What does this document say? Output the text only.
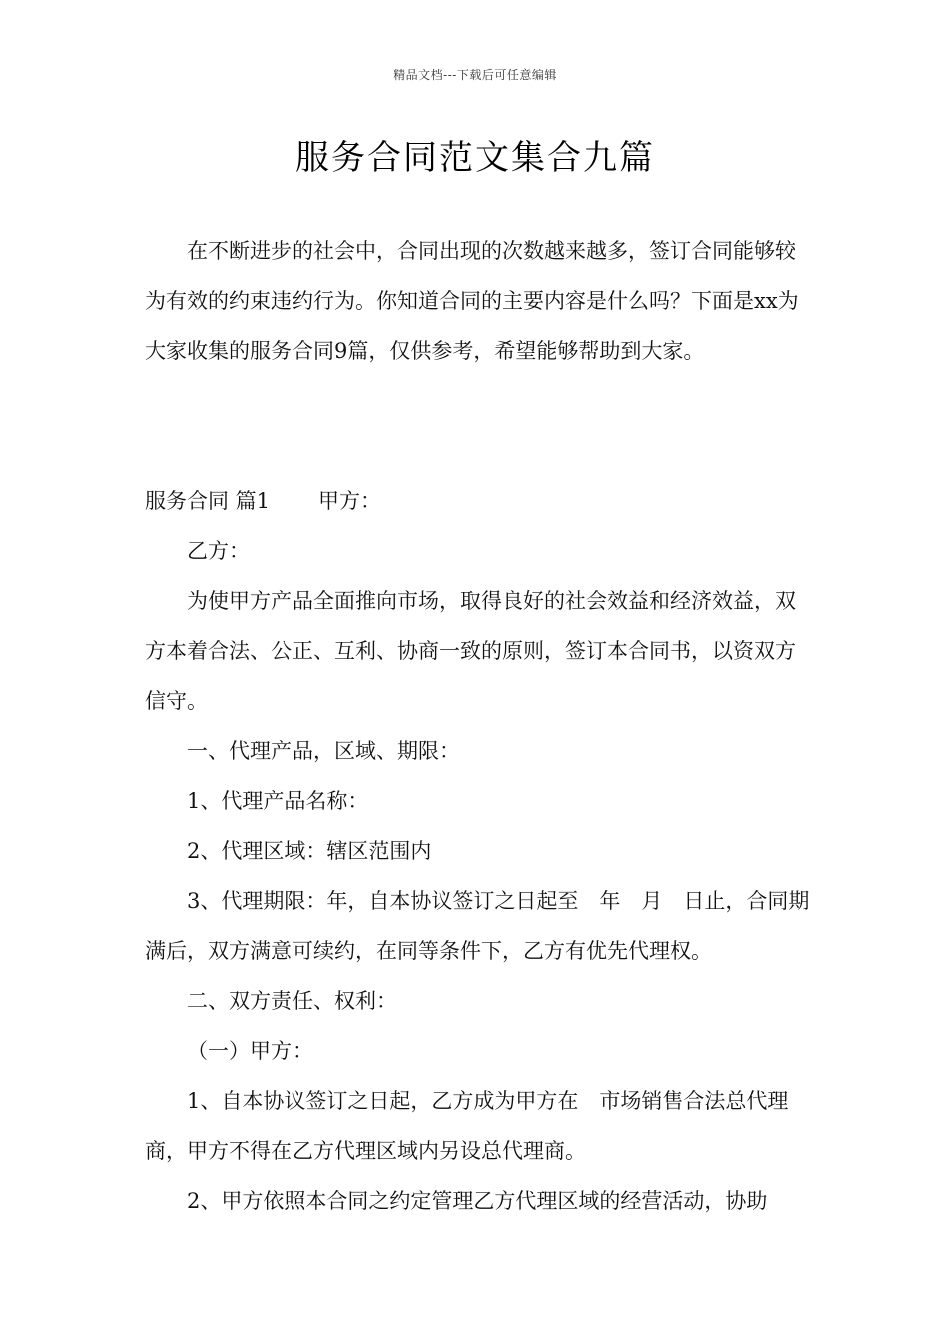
精品文档---下载后可任意编辑
服务合同范文集合九篇

在不断进步的社会中，合同出现的次数越来越多，签订合同能够较为有效的约束违约行为。你知道合同的主要内容是什么吗？下面是xx为大家收集的服务合同9篇，仅供参考，希望能够帮助到大家。

服务合同 篇1 甲方：

乙方：

为使甲方产品全面推向市场，取得良好的社会效益和经济效益，双方本着合法、公正、互利、协商一致的原则，签订本合同书，以资双方信守。

一、代理产品，区域、期限：

1、代理产品名称：

2、代理区域：辖区范围内

3、代理期限：年，自本协议签订之日起至　年　月　日止，合同期满后，双方满意可续约，在同等条件下，乙方有优先代理权。

二、双方责任、权利：

（一）甲方：

1、自本协议签订之日起，乙方成为甲方在　市场销售合法总代理商，甲方不得在乙方代理区域内另设总代理商。

2、甲方依照本合同之约定管理乙方代理区域的经营活动，协助
